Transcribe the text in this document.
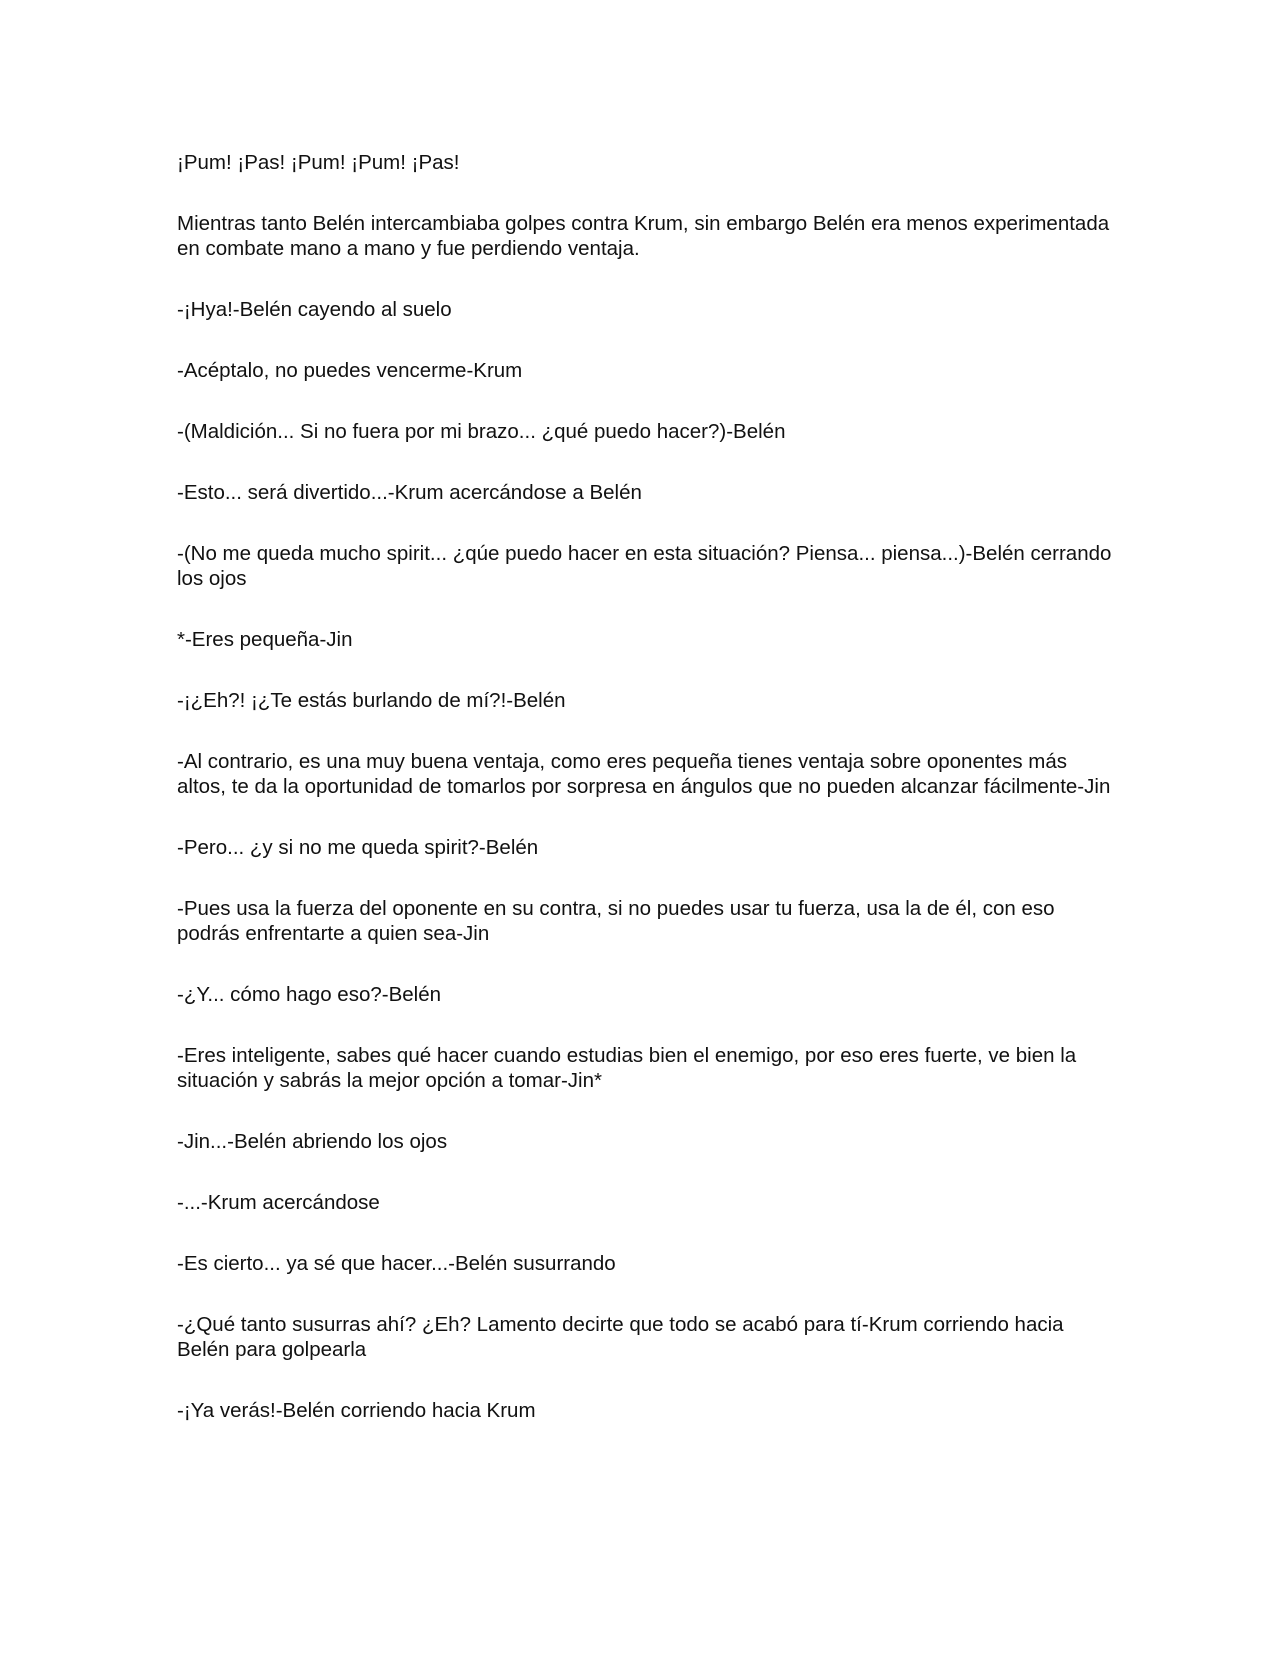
¡Pum! ¡Pas! ¡Pum! ¡Pum! ¡Pas!

Mientras tanto Belén intercambiaba golpes contra Krum, sin embargo Belén era menos experimentada en combate mano a mano y fue perdiendo ventaja.

-¡Hya!-Belén cayendo al suelo

-Acéptalo, no puedes vencerme-Krum

-(Maldición... Si no fuera por mi brazo... ¿qué puedo hacer?)-Belén

-Esto... será divertido...-Krum acercándose a Belén

-(No me queda mucho spirit... ¿qúe puedo hacer en esta situación? Piensa... piensa...)-Belén cerrando los ojos

*-Eres pequeña-Jin

-¡¿Eh?! ¡¿Te estás burlando de mí?!-Belén

-Al contrario, es una muy buena ventaja, como eres pequeña tienes ventaja sobre oponentes más altos, te da la oportunidad de tomarlos por sorpresa en ángulos que no pueden alcanzar fácilmente-Jin

-Pero... ¿y si no me queda spirit?-Belén

-Pues usa la fuerza del oponente en su contra, si no puedes usar tu fuerza, usa la de él, con eso podrás enfrentarte a quien sea-Jin

-¿Y... cómo hago eso?-Belén

-Eres inteligente, sabes qué hacer cuando estudias bien el enemigo, por eso eres fuerte, ve bien la situación y sabrás la mejor opción a tomar-Jin*

-Jin...-Belén abriendo los ojos

-...-Krum acercándose

-Es cierto... ya sé que hacer...-Belén susurrando

-¿Qué tanto susurras ahí? ¿Eh? Lamento decirte que todo se acabó para tí-Krum corriendo hacia Belén para golpearla

-¡Ya verás!-Belén corriendo hacia Krum
